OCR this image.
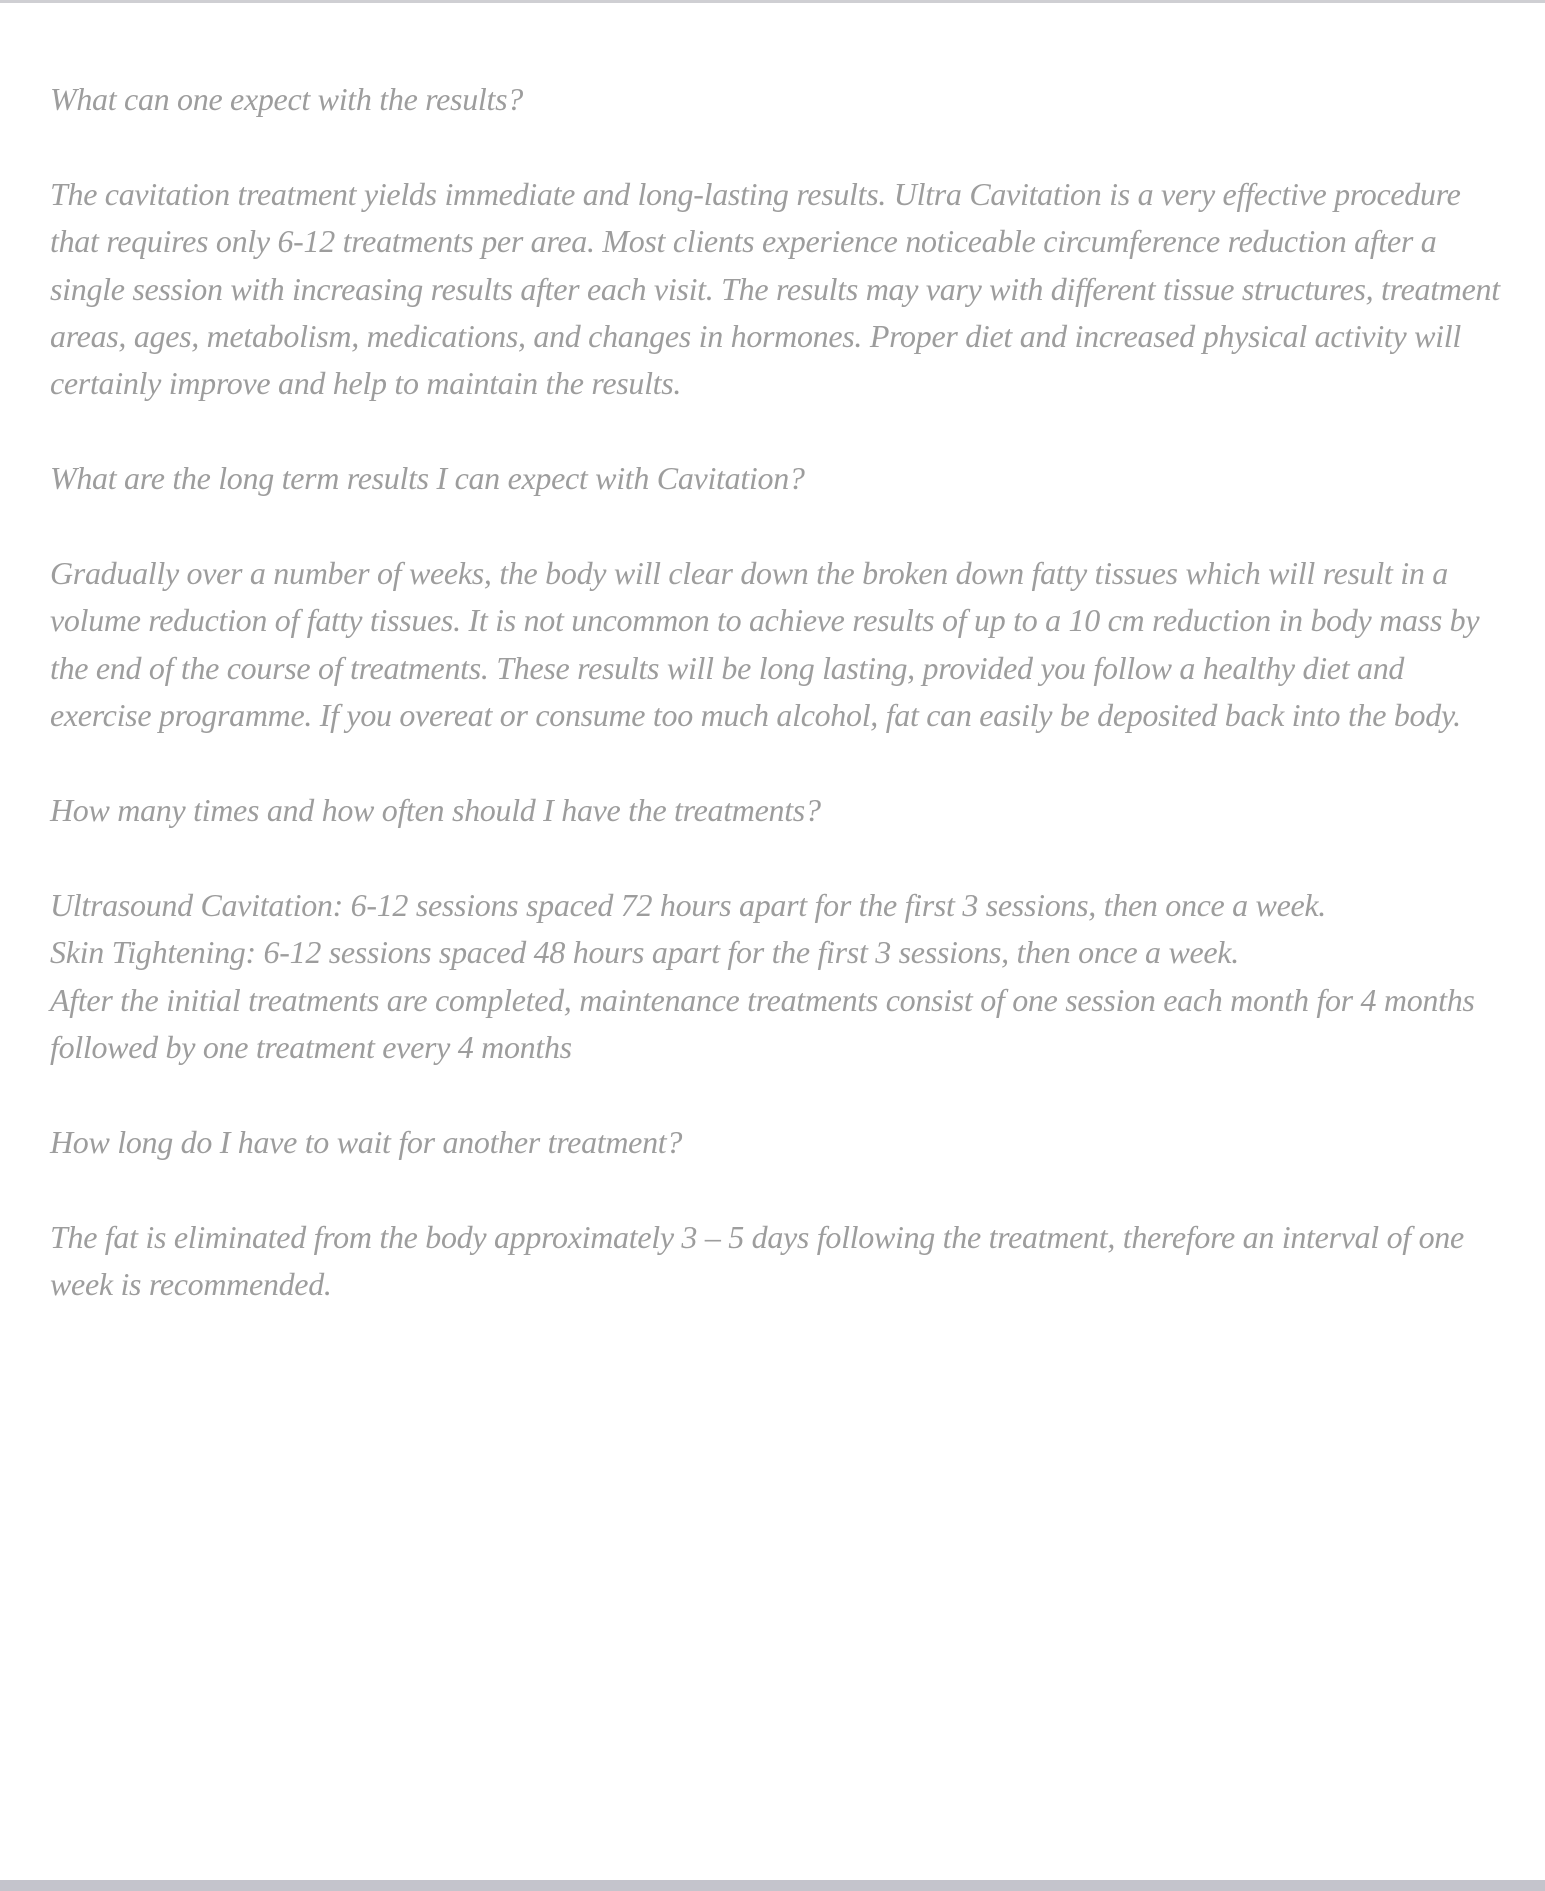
What can one expect with the results?

The cavitation treatment yields immediate and long-lasting results. Ultra Cavitation is a very effective procedure that requires only 6-12 treatments per area. Most clients experience noticeable circumference reduction after a single session with increasing results after each visit. The results may vary with different tissue structures, treatment areas, ages, metabolism, medications, and changes in hormones. Proper diet and increased physical activity will certainly improve and help to maintain the results.

What are the long term results I can expect with Cavitation?

Gradually over a number of weeks, the body will clear down the broken down fatty tissues which will result in a volume reduction of fatty tissues. It is not uncommon to achieve results of up to a 10 cm reduction in body mass by the end of the course of treatments. These results will be long lasting, provided you follow a healthy diet and exercise programme. If you overeat or consume too much alcohol, fat can easily be deposited back into the body.

How many times and how often should I have the treatments?

Ultrasound Cavitation: 6-12 sessions spaced 72 hours apart for the first 3 sessions, then once a week.
Skin Tightening: 6-12 sessions spaced 48 hours apart for the first 3 sessions, then once a week.
After the initial treatments are completed, maintenance treatments consist of one session each month for 4 months followed by one treatment every 4 months

How long do I have to wait for another treatment?

The fat is eliminated from the body approximately 3 – 5 days following the treatment, therefore an interval of one week is recommended.
